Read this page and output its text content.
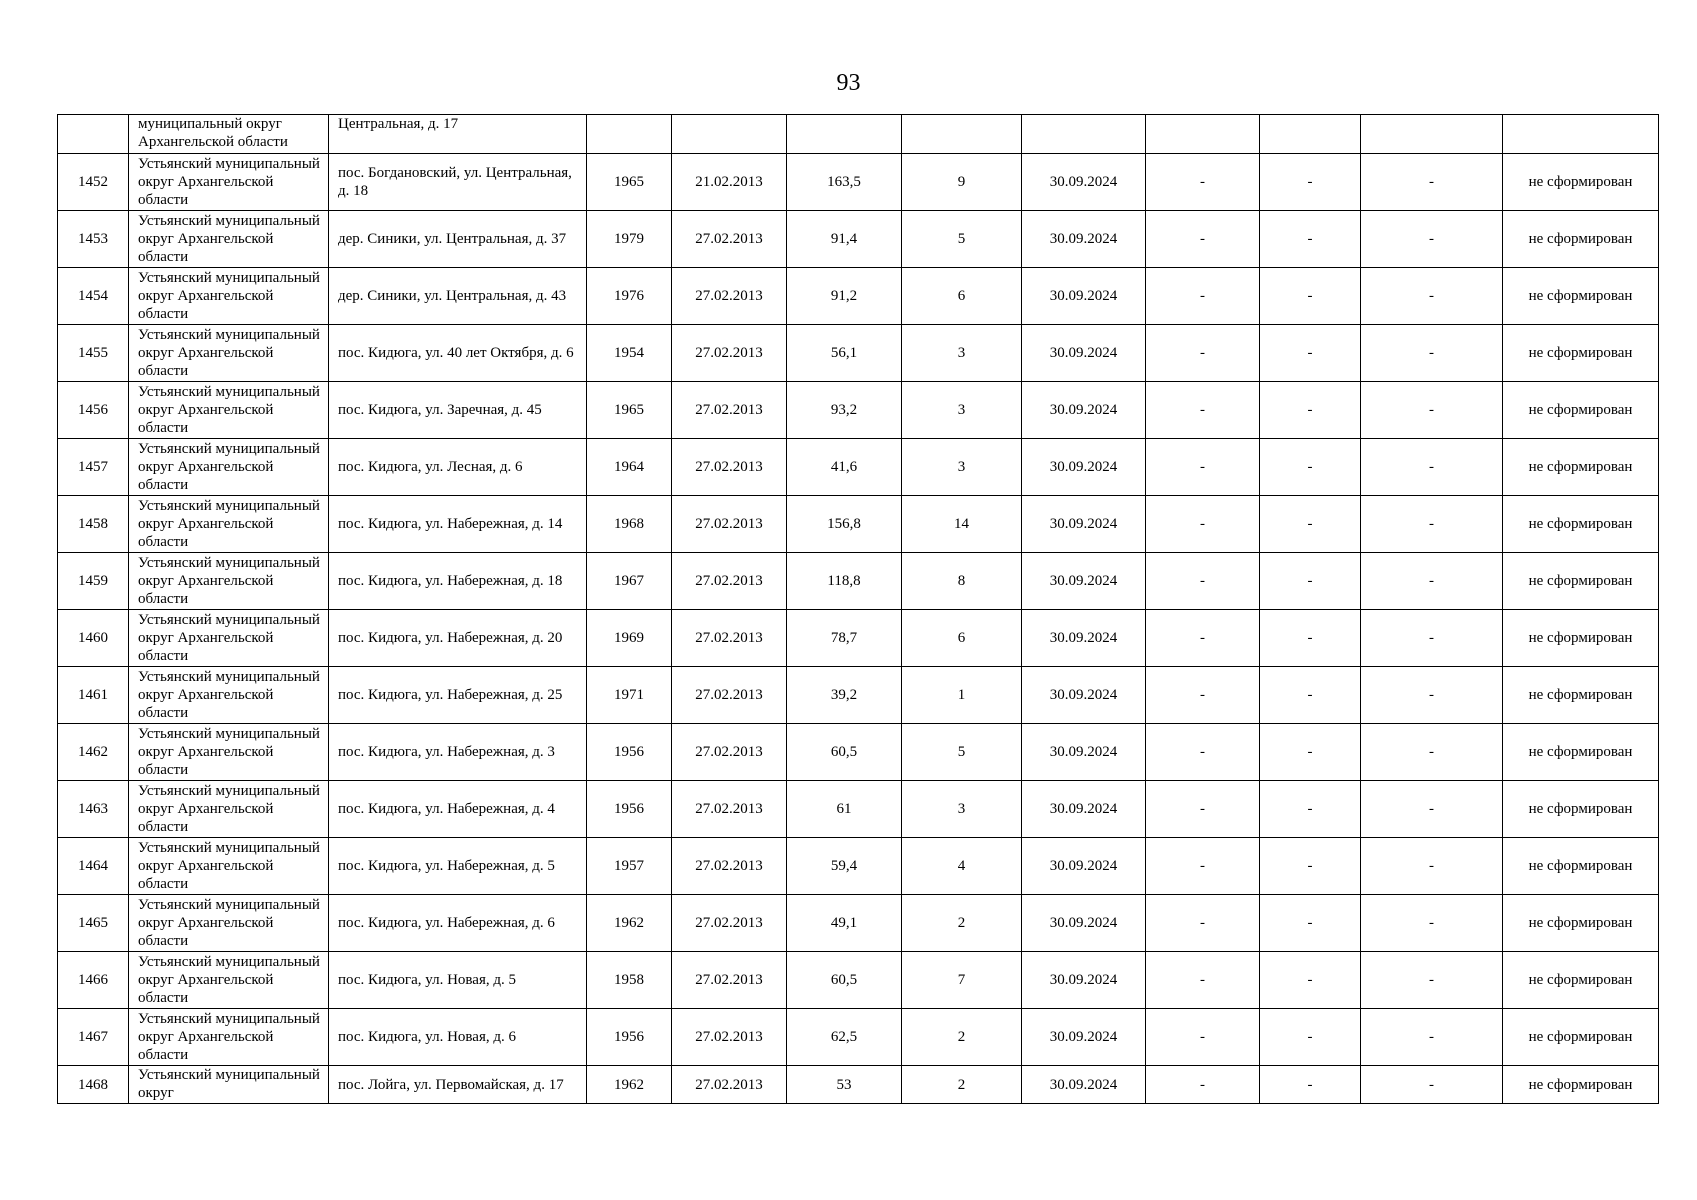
93
	муниципальный округ Архангельской области	Центральная, д. 17									
1452	Устьянский муниципальный округ Архангельской области	пос. Богдановский, ул. Центральная, д. 18	1965	21.02.2013	163,5	9	30.09.2024	-	-	-	не сформирован
1453	Устьянский муниципальный округ Архангельской области	дер. Синики, ул. Центральная, д. 37	1979	27.02.2013	91,4	5	30.09.2024	-	-	-	не сформирован
1454	Устьянский муниципальный округ Архангельской области	дер. Синики, ул. Центральная, д. 43	1976	27.02.2013	91,2	6	30.09.2024	-	-	-	не сформирован
1455	Устьянский муниципальный округ Архангельской области	пос. Кидюга, ул. 40 лет Октября, д. 6	1954	27.02.2013	56,1	3	30.09.2024	-	-	-	не сформирован
1456	Устьянский муниципальный округ Архангельской области	пос. Кидюга, ул. Заречная, д. 45	1965	27.02.2013	93,2	3	30.09.2024	-	-	-	не сформирован
1457	Устьянский муниципальный округ Архангельской области	пос. Кидюга, ул. Лесная, д. 6	1964	27.02.2013	41,6	3	30.09.2024	-	-	-	не сформирован
1458	Устьянский муниципальный округ Архангельской области	пос. Кидюга, ул. Набережная, д. 14	1968	27.02.2013	156,8	14	30.09.2024	-	-	-	не сформирован
1459	Устьянский муниципальный округ Архангельской области	пос. Кидюга, ул. Набережная, д. 18	1967	27.02.2013	118,8	8	30.09.2024	-	-	-	не сформирован
1460	Устьянский муниципальный округ Архангельской области	пос. Кидюга, ул. Набережная, д. 20	1969	27.02.2013	78,7	6	30.09.2024	-	-	-	не сформирован
1461	Устьянский муниципальный округ Архангельской области	пос. Кидюга, ул. Набережная, д. 25	1971	27.02.2013	39,2	1	30.09.2024	-	-	-	не сформирован
1462	Устьянский муниципальный округ Архангельской области	пос. Кидюга, ул. Набережная, д. 3	1956	27.02.2013	60,5	5	30.09.2024	-	-	-	не сформирован
1463	Устьянский муниципальный округ Архангельской области	пос. Кидюга, ул. Набережная, д. 4	1956	27.02.2013	61	3	30.09.2024	-	-	-	не сформирован
1464	Устьянский муниципальный округ Архангельской области	пос. Кидюга, ул. Набережная, д. 5	1957	27.02.2013	59,4	4	30.09.2024	-	-	-	не сформирован
1465	Устьянский муниципальный округ Архангельской области	пос. Кидюга, ул. Набережная, д. 6	1962	27.02.2013	49,1	2	30.09.2024	-	-	-	не сформирован
1466	Устьянский муниципальный округ Архангельской области	пос. Кидюга, ул. Новая, д. 5	1958	27.02.2013	60,5	7	30.09.2024	-	-	-	не сформирован
1467	Устьянский муниципальный округ Архангельской области	пос. Кидюга, ул. Новая, д. 6	1956	27.02.2013	62,5	2	30.09.2024	-	-	-	не сформирован
1468	Устьянский муниципальный округ	пос. Лойга, ул. Первомайская, д. 17	1962	27.02.2013	53	2	30.09.2024	-	-	-	не сформирован
